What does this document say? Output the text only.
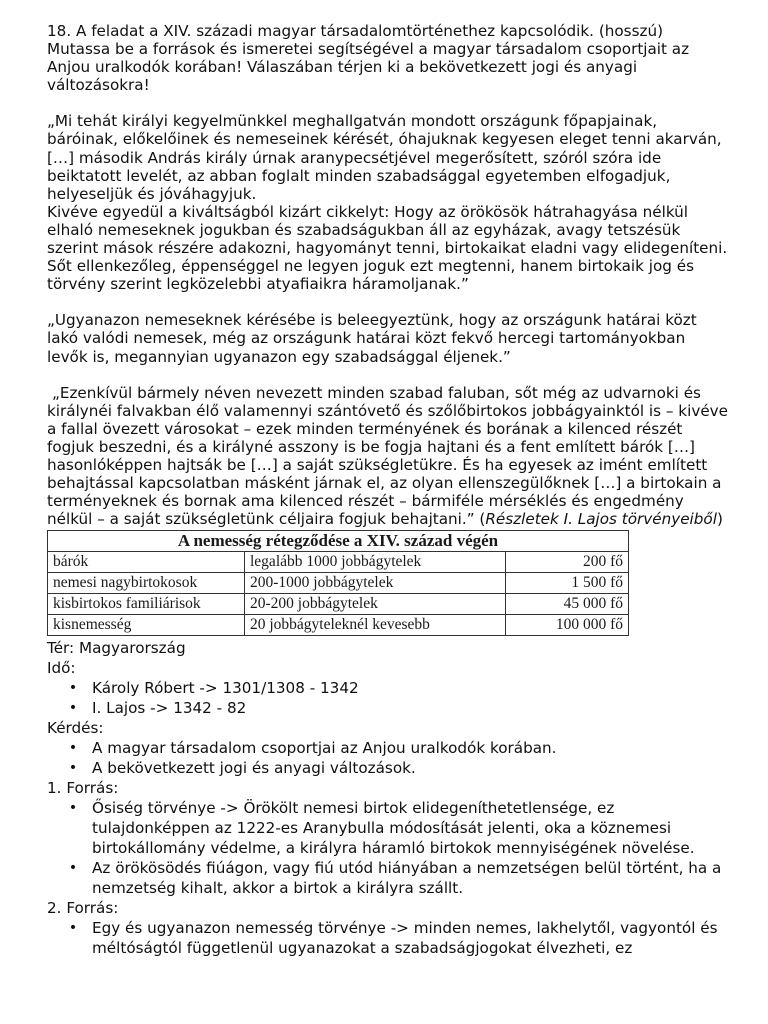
18. A feladat a XIV. századi magyar társadalomtörténethez kapcsolódik. (hosszú) Mutassa be a források és ismeretei segítségével a magyar társadalom csoportjait az Anjou uralkodók korában! Válaszában térjen ki a bekövetkezett jogi és anyagi változásokra!

„Mi tehát királyi kegyelmünkkel meghallgatván mondott országunk főpapjainak, báróinak, előkelőinek és nemeseinek kérését, óhajuknak kegyesen eleget tenni akarván, […] második András király úrnak aranypecsétjével megerősített, szóról szóra ide beiktatott levelét, az abban foglalt minden szabadsággal egyetemben elfogadjuk, helyeseljük és jóváhagyjuk.

Kivéve egyedül a kiváltságból kizárt cikkelyt: Hogy az örökösök hátrahagyása nélkül elhaló nemeseknek jogukban és szabadságukban áll az egyházak, avagy tetszésük szerint mások részére adakozni, hagyományt tenni, birtokaikat eladni vagy elidegeníteni. Sőt ellenkezőleg, éppenséggel ne legyen joguk ezt megtenni, hanem birtokaik jog és törvény szerint legközelebbi atyafiaikra háramoljanak.”

„Ugyanazon nemeseknek kérésébe is beleegyeztünk, hogy az országunk határai közt lakó valódi nemesek, még az országunk határai közt fekvő hercegi tartományokban levők is, megannyian ugyanazon egy szabadsággal éljenek.”

„Ezenkívül bármely néven nevezett minden szabad faluban, sőt még az udvarnoki és királynéi falvakban élő valamennyi szántóvető és szőlőbirtokos jobbágyainktól is – kivéve a fallal övezett városokat – ezek minden terményének és borának a kilenced részét fogjuk beszedni, és a királyné asszony is be fogja hajtani és a fent említett bárók […] hasonlóképpen hajtsák be […] a saját szükségletükre. És ha egyesek az imént említett behajtással kapcsolatban másként járnak el, az olyan ellenszegülőknek […] a birtokain a terményeknek és bornak ama kilenced részét – bármiféle mérséklés és engedmény nélkül – a saját szükségletünk céljaira fogjuk behajtani.” (Részletek I. Lajos törvényeiből)

A nemesség rétegződése a XIV. század végén		
bárók	legalább 1000 jobbágytelek	200 fő
nemesi nagybirtokosok	200-1000 jobbágytelek	1 500 fő
kisbirtokos familiárisok	20-200 jobbágytelek	45 000 fő
kisnemesség	20 jobbágyteleknél kevesebb	100 000 fő

Tér: Magyarország

Idő:

• Károly Róbert -> 1301/1308 - 1342
• I. Lajos -> 1342 - 82

Kérdés:

• A magyar társadalom csoportjai az Anjou uralkodók korában.
• A bekövetkezett jogi és anyagi változások.

1. Forrás:

• Ősiség törvénye -> Örökölt nemesi birtok elidegeníthetetlensége, ez tulajdonképpen az 1222-es Aranybulla módosítását jelenti, oka a köznemesi birtokállomány védelme, a királyra háramló birtokok mennyiségének növelése.
• Az örökösödés fiúágon, vagy fiú utód hiányában a nemzetségen belül történt, ha a nemzetség kihalt, akkor a birtok a királyra szállt.

2. Forrás:

• Egy és ugyanazon nemesség törvénye -> minden nemes, lakhelytől, vagyontól és méltóságtól függetlenül ugyanazokat a szabadságjogokat élvezheti, ez
